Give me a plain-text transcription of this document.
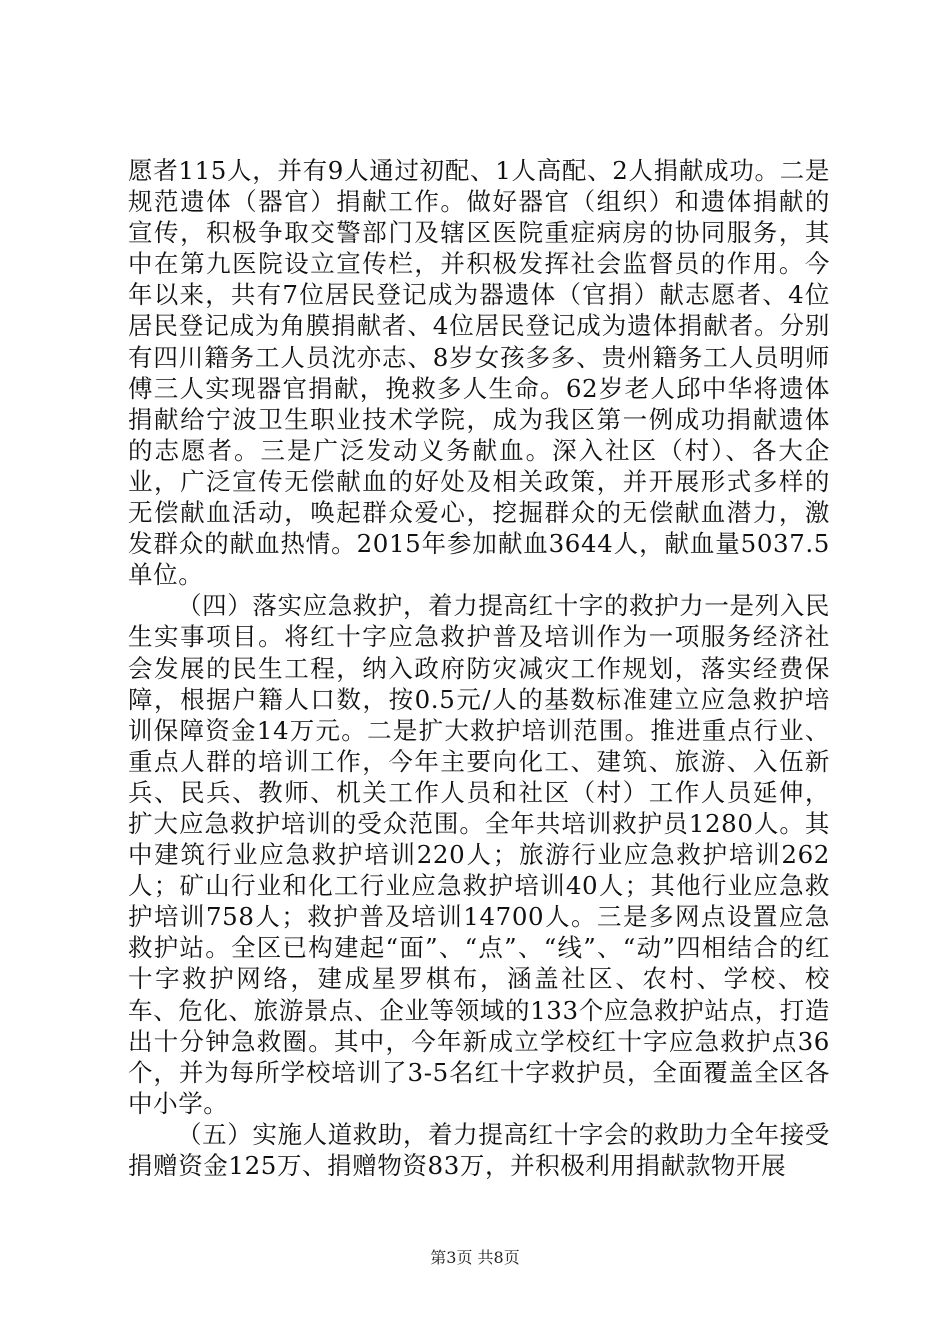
愿者115人，并有9人通过初配、1人高配、2人捐献成功。二是规范遗体（器官）捐献工作。做好器官（组织）和遗体捐献的宣传，积极争取交警部门及辖区医院重症病房的协同服务，其中在第九医院设立宣传栏，并积极发挥社会监督员的作用。今年以来，共有7位居民登记成为器遗体（官捐）献志愿者、4位居民登记成为角膜捐献者、4位居民登记成为遗体捐献者。分别有四川籍务工人员沈亦志、8岁女孩多多、贵州籍务工人员明师傅三人实现器官捐献，挽救多人生命。62岁老人邱中华将遗体捐献给宁波卫生职业技术学院，成为我区第一例成功捐献遗体的志愿者。三是广泛发动义务献血。深入社区（村）、各大企业，广泛宣传无偿献血的好处及相关政策，并开展形式多样的无偿献血活动，唤起群众爱心，挖掘群众的无偿献血潜力，激发群众的献血热情。2015年参加献血3644人，献血量5037.5单位。

（四）落实应急救护，着力提高红十字的救护力一是列入民生实事项目。将红十字应急救护普及培训作为一项服务经济社会发展的民生工程，纳入政府防灾减灾工作规划，落实经费保障，根据户籍人口数，按0.5元/人的基数标准建立应急救护培训保障资金14万元。二是扩大救护培训范围。推进重点行业、重点人群的培训工作，今年主要向化工、建筑、旅游、入伍新兵、民兵、教师、机关工作人员和社区（村）工作人员延伸，扩大应急救护培训的受众范围。全年共培训救护员1280人。其中建筑行业应急救护培训220人；旅游行业应急救护培训262人；矿山行业和化工行业应急救护培训40人；其他行业应急救护培训758人；救护普及培训14700人。三是多网点设置应急救护站。全区已构建起“面”、“点”、“线”、“动”四相结合的红十字救护网络，建成星罗棋布，涵盖社区、农村、学校、校车、危化、旅游景点、企业等领域的133个应急救护站点，打造出十分钟急救圈。其中，今年新成立学校红十字应急救护点36个，并为每所学校培训了3-5名红十字救护员，全面覆盖全区各中小学。

（五）实施人道救助，着力提高红十字会的救助力全年接受捐赠资金125万、捐赠物资83万，并积极利用捐献款物开展

第3页 共8页
